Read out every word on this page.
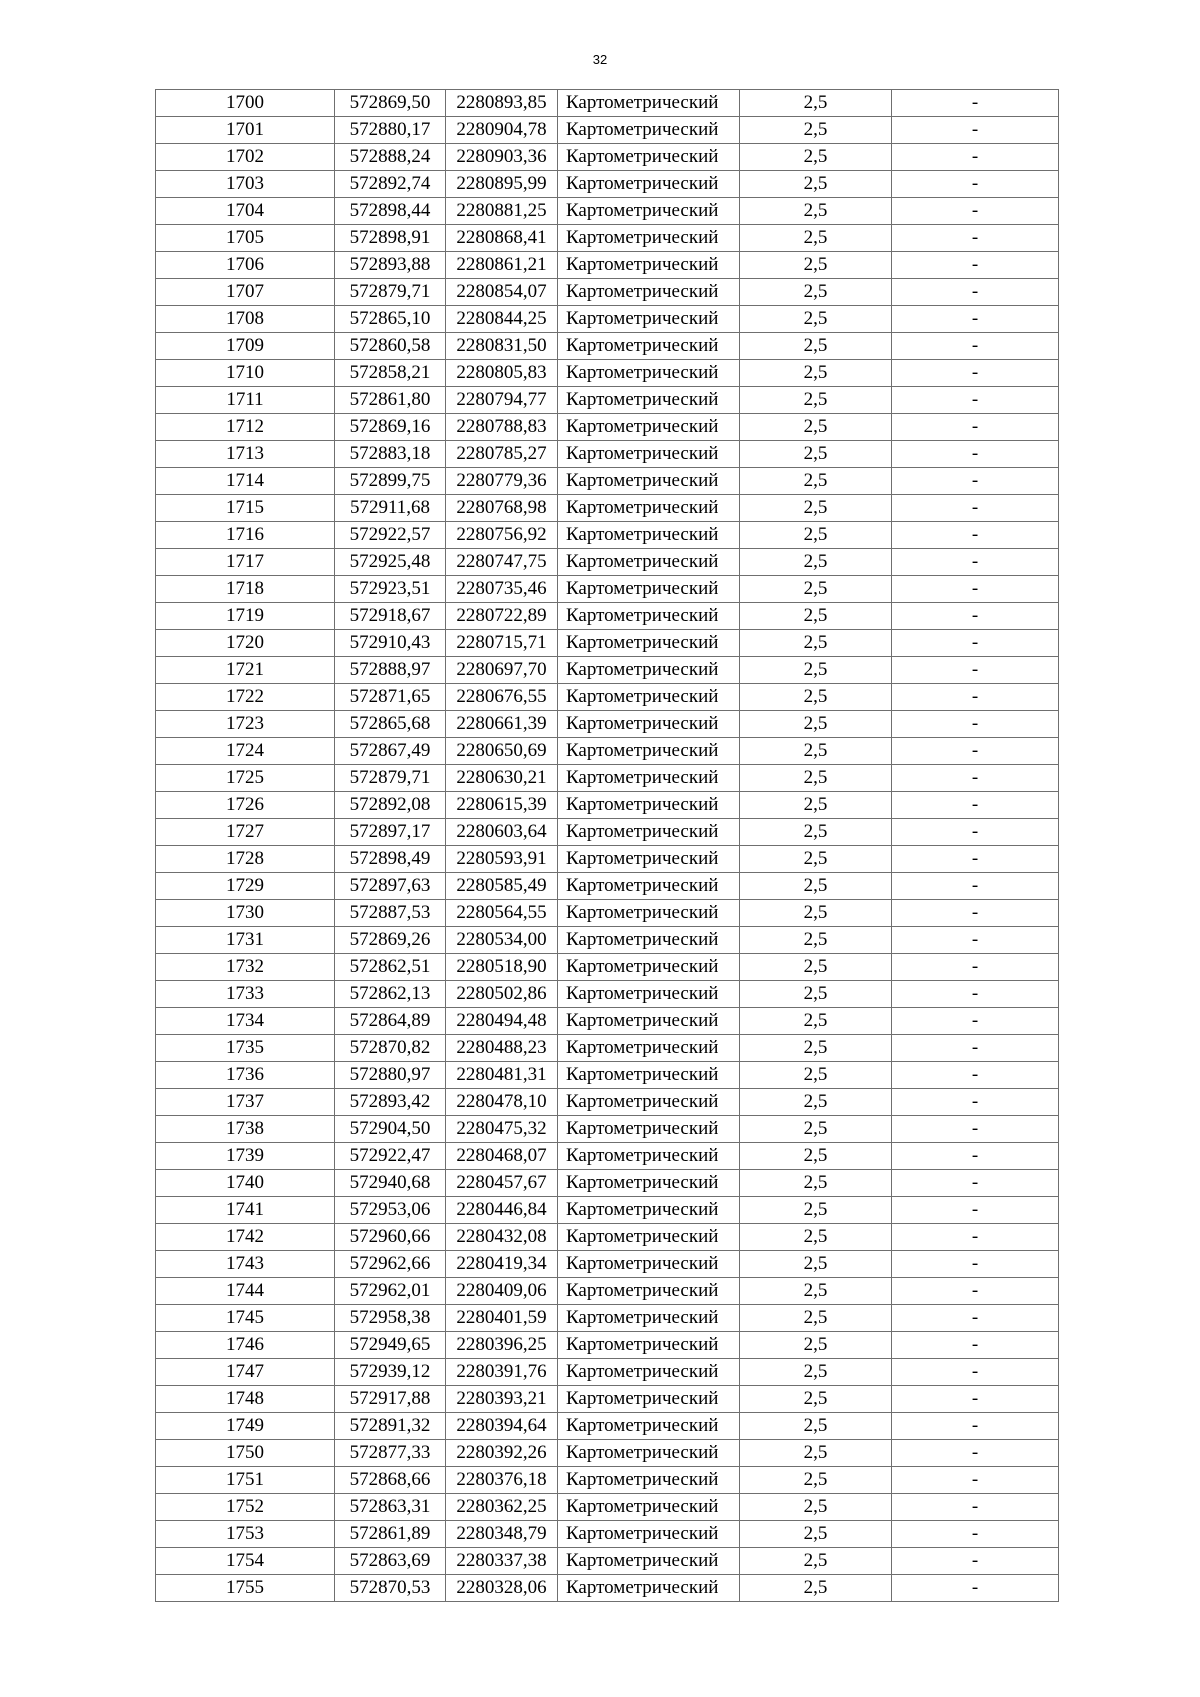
32
1700	572869,50	2280893,85	Картометрический	2,5	-
1701	572880,17	2280904,78	Картометрический	2,5	-
1702	572888,24	2280903,36	Картометрический	2,5	-
1703	572892,74	2280895,99	Картометрический	2,5	-
1704	572898,44	2280881,25	Картометрический	2,5	-
1705	572898,91	2280868,41	Картометрический	2,5	-
1706	572893,88	2280861,21	Картометрический	2,5	-
1707	572879,71	2280854,07	Картометрический	2,5	-
1708	572865,10	2280844,25	Картометрический	2,5	-
1709	572860,58	2280831,50	Картометрический	2,5	-
1710	572858,21	2280805,83	Картометрический	2,5	-
1711	572861,80	2280794,77	Картометрический	2,5	-
1712	572869,16	2280788,83	Картометрический	2,5	-
1713	572883,18	2280785,27	Картометрический	2,5	-
1714	572899,75	2280779,36	Картометрический	2,5	-
1715	572911,68	2280768,98	Картометрический	2,5	-
1716	572922,57	2280756,92	Картометрический	2,5	-
1717	572925,48	2280747,75	Картометрический	2,5	-
1718	572923,51	2280735,46	Картометрический	2,5	-
1719	572918,67	2280722,89	Картометрический	2,5	-
1720	572910,43	2280715,71	Картометрический	2,5	-
1721	572888,97	2280697,70	Картометрический	2,5	-
1722	572871,65	2280676,55	Картометрический	2,5	-
1723	572865,68	2280661,39	Картометрический	2,5	-
1724	572867,49	2280650,69	Картометрический	2,5	-
1725	572879,71	2280630,21	Картометрический	2,5	-
1726	572892,08	2280615,39	Картометрический	2,5	-
1727	572897,17	2280603,64	Картометрический	2,5	-
1728	572898,49	2280593,91	Картометрический	2,5	-
1729	572897,63	2280585,49	Картометрический	2,5	-
1730	572887,53	2280564,55	Картометрический	2,5	-
1731	572869,26	2280534,00	Картометрический	2,5	-
1732	572862,51	2280518,90	Картометрический	2,5	-
1733	572862,13	2280502,86	Картометрический	2,5	-
1734	572864,89	2280494,48	Картометрический	2,5	-
1735	572870,82	2280488,23	Картометрический	2,5	-
1736	572880,97	2280481,31	Картометрический	2,5	-
1737	572893,42	2280478,10	Картометрический	2,5	-
1738	572904,50	2280475,32	Картометрический	2,5	-
1739	572922,47	2280468,07	Картометрический	2,5	-
1740	572940,68	2280457,67	Картометрический	2,5	-
1741	572953,06	2280446,84	Картометрический	2,5	-
1742	572960,66	2280432,08	Картометрический	2,5	-
1743	572962,66	2280419,34	Картометрический	2,5	-
1744	572962,01	2280409,06	Картометрический	2,5	-
1745	572958,38	2280401,59	Картометрический	2,5	-
1746	572949,65	2280396,25	Картометрический	2,5	-
1747	572939,12	2280391,76	Картометрический	2,5	-
1748	572917,88	2280393,21	Картометрический	2,5	-
1749	572891,32	2280394,64	Картометрический	2,5	-
1750	572877,33	2280392,26	Картометрический	2,5	-
1751	572868,66	2280376,18	Картометрический	2,5	-
1752	572863,31	2280362,25	Картометрический	2,5	-
1753	572861,89	2280348,79	Картометрический	2,5	-
1754	572863,69	2280337,38	Картометрический	2,5	-
1755	572870,53	2280328,06	Картометрический	2,5	-
